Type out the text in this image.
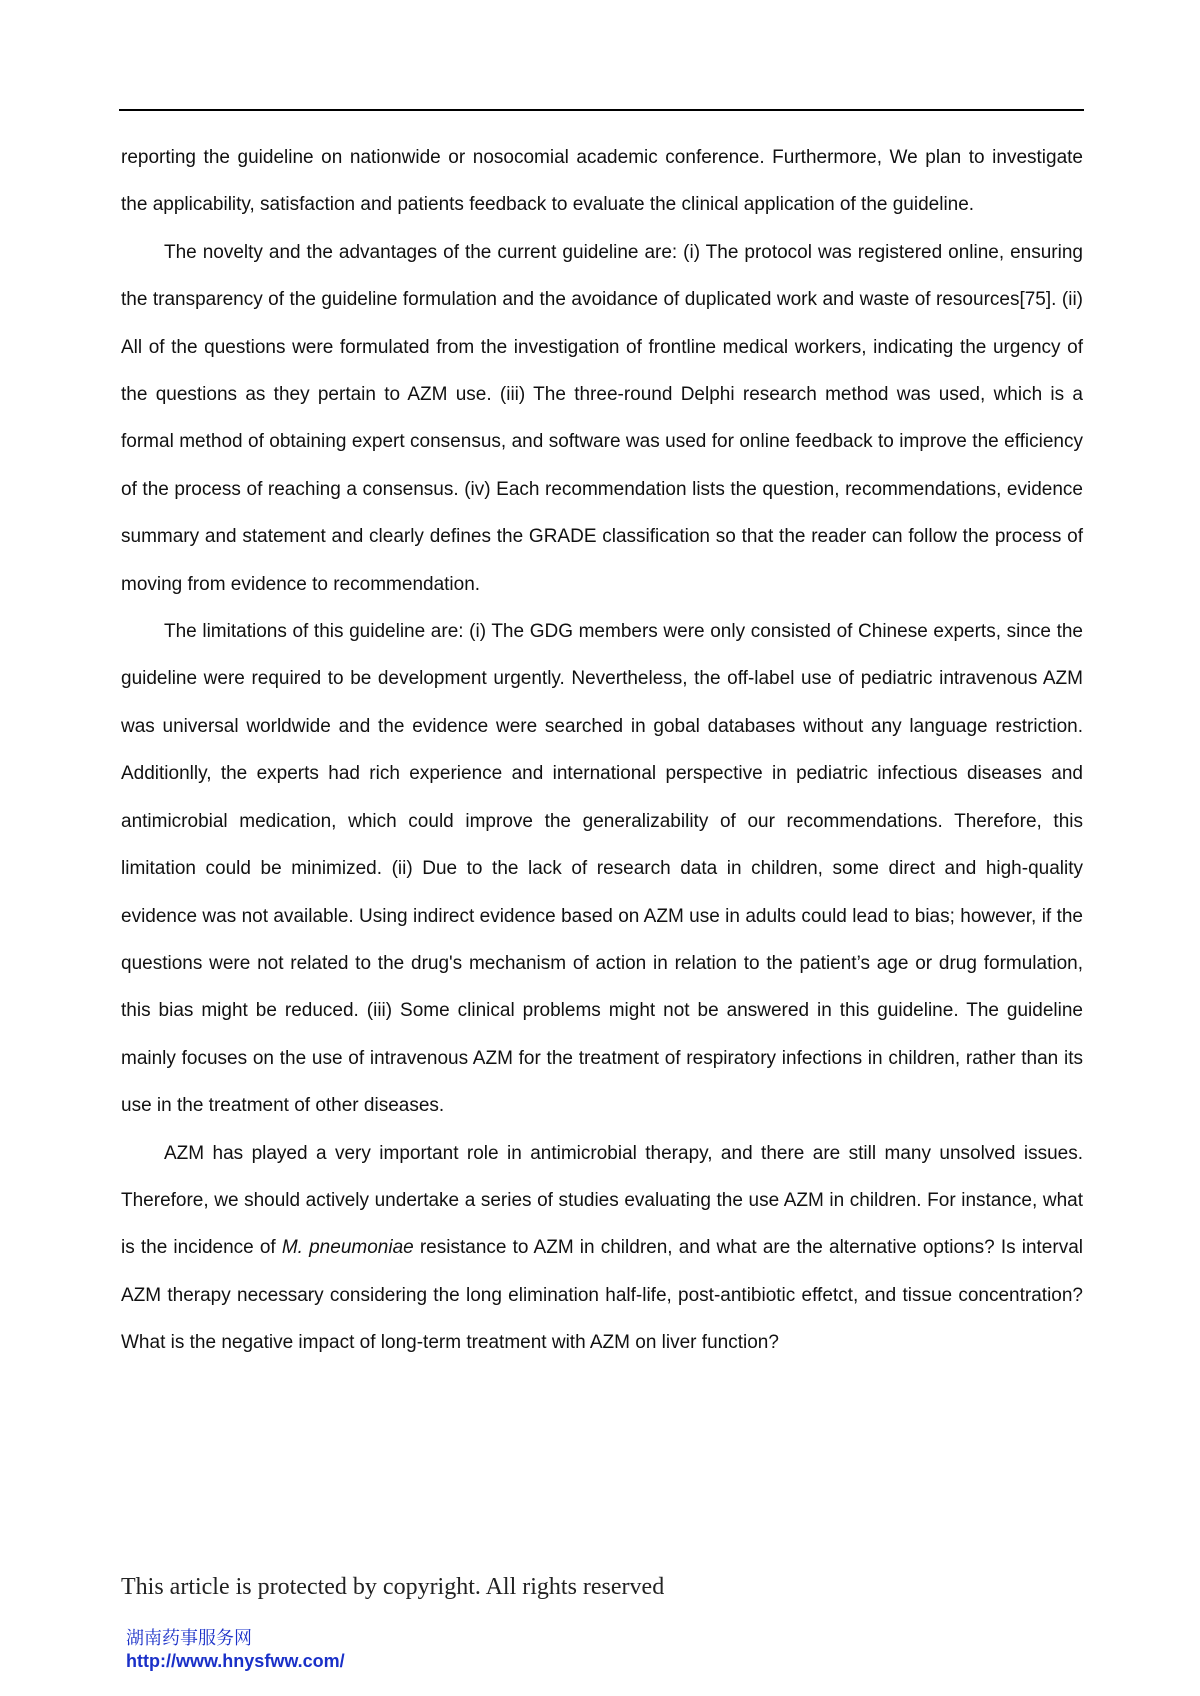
reporting the guideline on nationwide or nosocomial academic conference. Furthermore, We plan to investigate the applicability, satisfaction and patients feedback to evaluate the clinical application of the guideline.

The novelty and the advantages of the current guideline are: (i) The protocol was registered online, ensuring the transparency of the guideline formulation and the avoidance of duplicated work and waste of resources[75]. (ii) All of the questions were formulated from the investigation of frontline medical workers, indicating the urgency of the questions as they pertain to AZM use. (iii) The three-round Delphi research method was used, which is a formal method of obtaining expert consensus, and software was used for online feedback to improve the efficiency of the process of reaching a consensus. (iv) Each recommendation lists the question, recommendations, evidence summary and statement and clearly defines the GRADE classification so that the reader can follow the process of moving from evidence to recommendation.

The limitations of this guideline are: (i) The GDG members were only consisted of Chinese experts, since the guideline were required to be development urgently. Nevertheless, the off-label use of pediatric intravenous AZM was universal worldwide and the evidence were searched in gobal databases without any language restriction. Additionlly, the experts had rich experience and international perspective in pediatric infectious diseases and antimicrobial medication, which could improve the generalizability of our recommendations. Therefore, this limitation could be minimized. (ii) Due to the lack of research data in children, some direct and high-quality evidence was not available. Using indirect evidence based on AZM use in adults could lead to bias; however, if the questions were not related to the drug's mechanism of action in relation to the patient’s age or drug formulation, this bias might be reduced. (iii) Some clinical problems might not be answered in this guideline. The guideline mainly focuses on the use of intravenous AZM for the treatment of respiratory infections in children, rather than its use in the treatment of other diseases.

AZM has played a very important role in antimicrobial therapy, and there are still many unsolved issues. Therefore, we should actively undertake a series of studies evaluating the use AZM in children. For instance, what is the incidence of M. pneumoniae resistance to AZM in children, and what are the alternative options? Is interval AZM therapy necessary considering the long elimination half-life, post-antibiotic effetct, and tissue concentration? What is the negative impact of long-term treatment with AZM on liver function?

This article is protected by copyright. All rights reserved
湖南药事服务网
http://www.hnysfww.com/
